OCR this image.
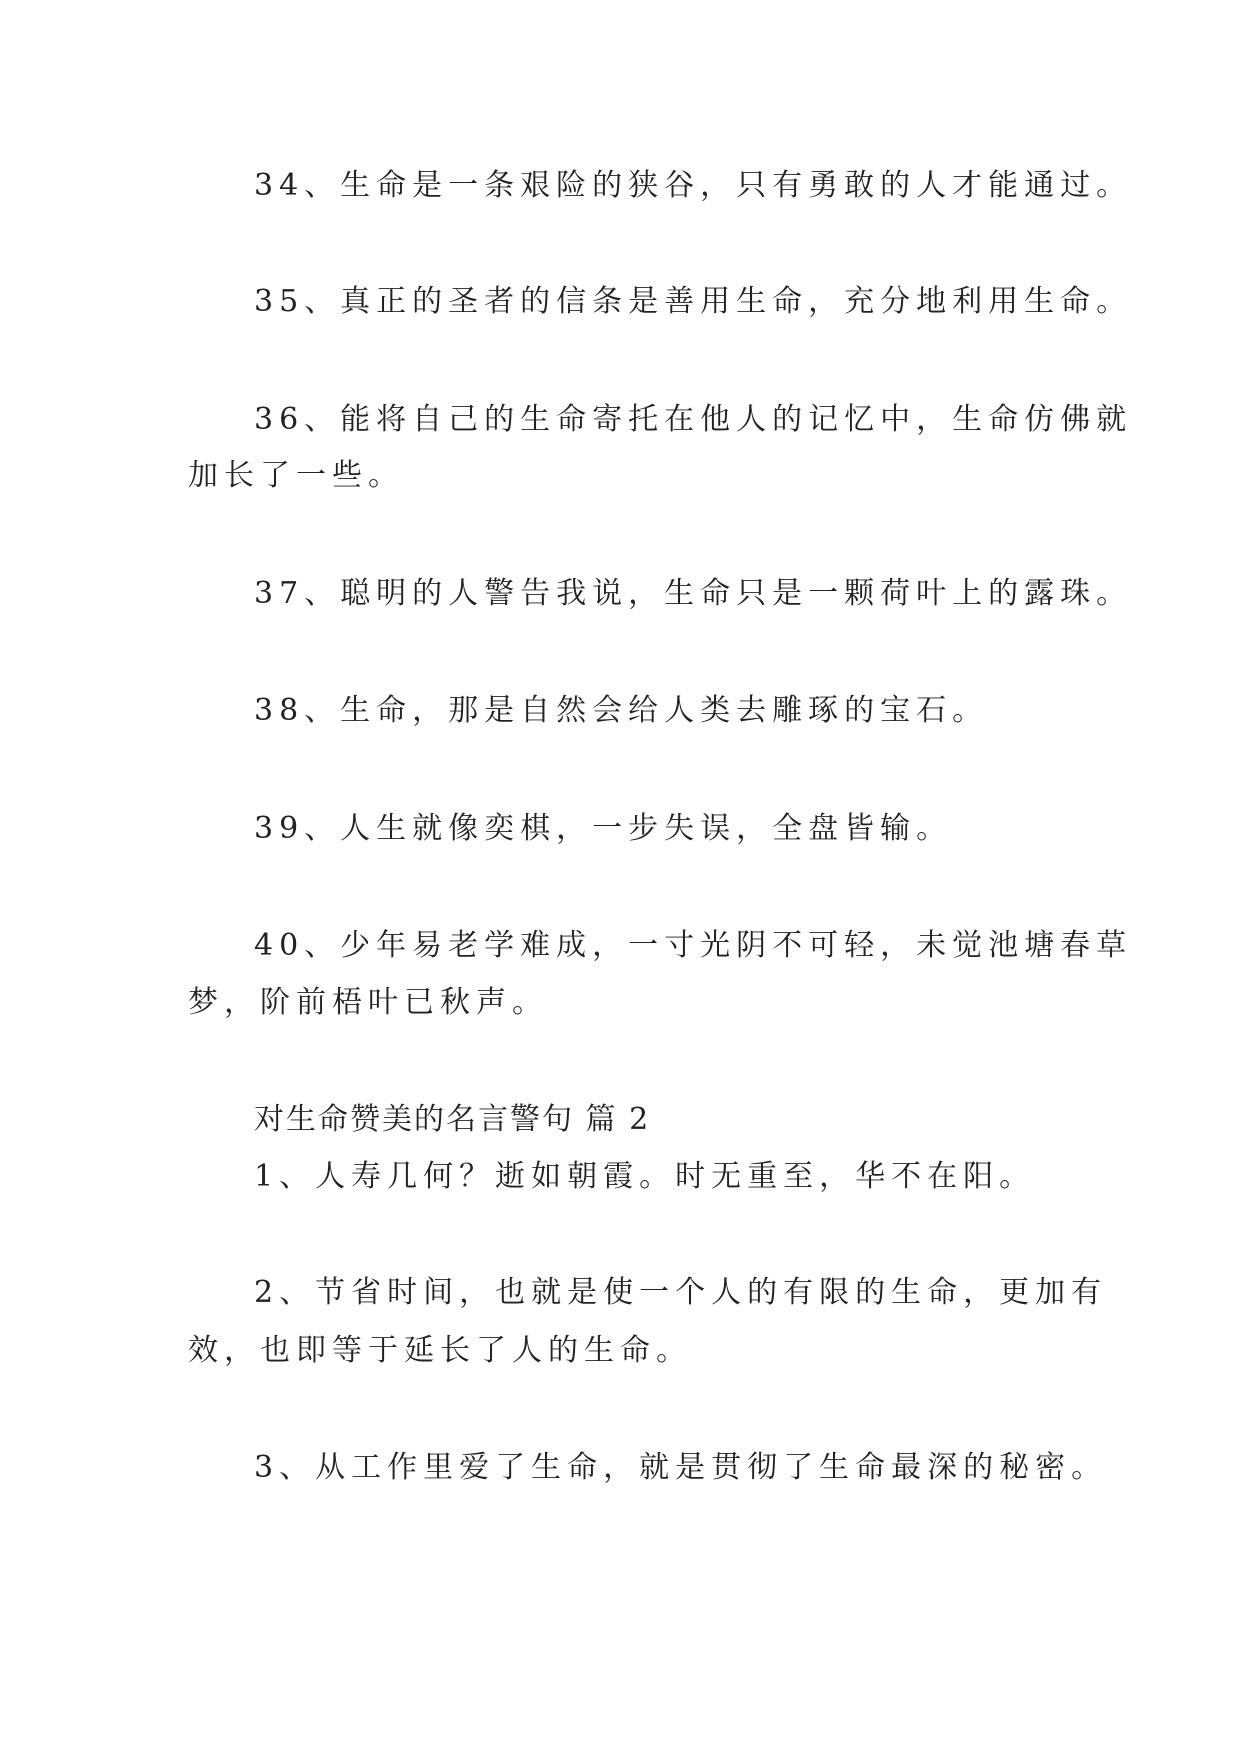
34、生命是一条艰险的狭谷，只有勇敢的人才能通过。
35、真正的圣者的信条是善用生命，充分地利用生命。
36、能将自己的生命寄托在他人的记忆中，生命仿佛就
加长了一些。
37、聪明的人警告我说，生命只是一颗荷叶上的露珠。
38、生命，那是自然会给人类去雕琢的宝石。
39、人生就像奕棋，一步失误，全盘皆输。
40、少年易老学难成，一寸光阴不可轻，未觉池塘春草
梦，阶前梧叶已秋声。
对生命赞美的名言警句 篇 2
1、人寿几何？逝如朝霞。时无重至，华不在阳。
2、节省时间，也就是使一个人的有限的生命，更加有
效，也即等于延长了人的生命。
3、从工作里爱了生命，就是贯彻了生命最深的秘密。
